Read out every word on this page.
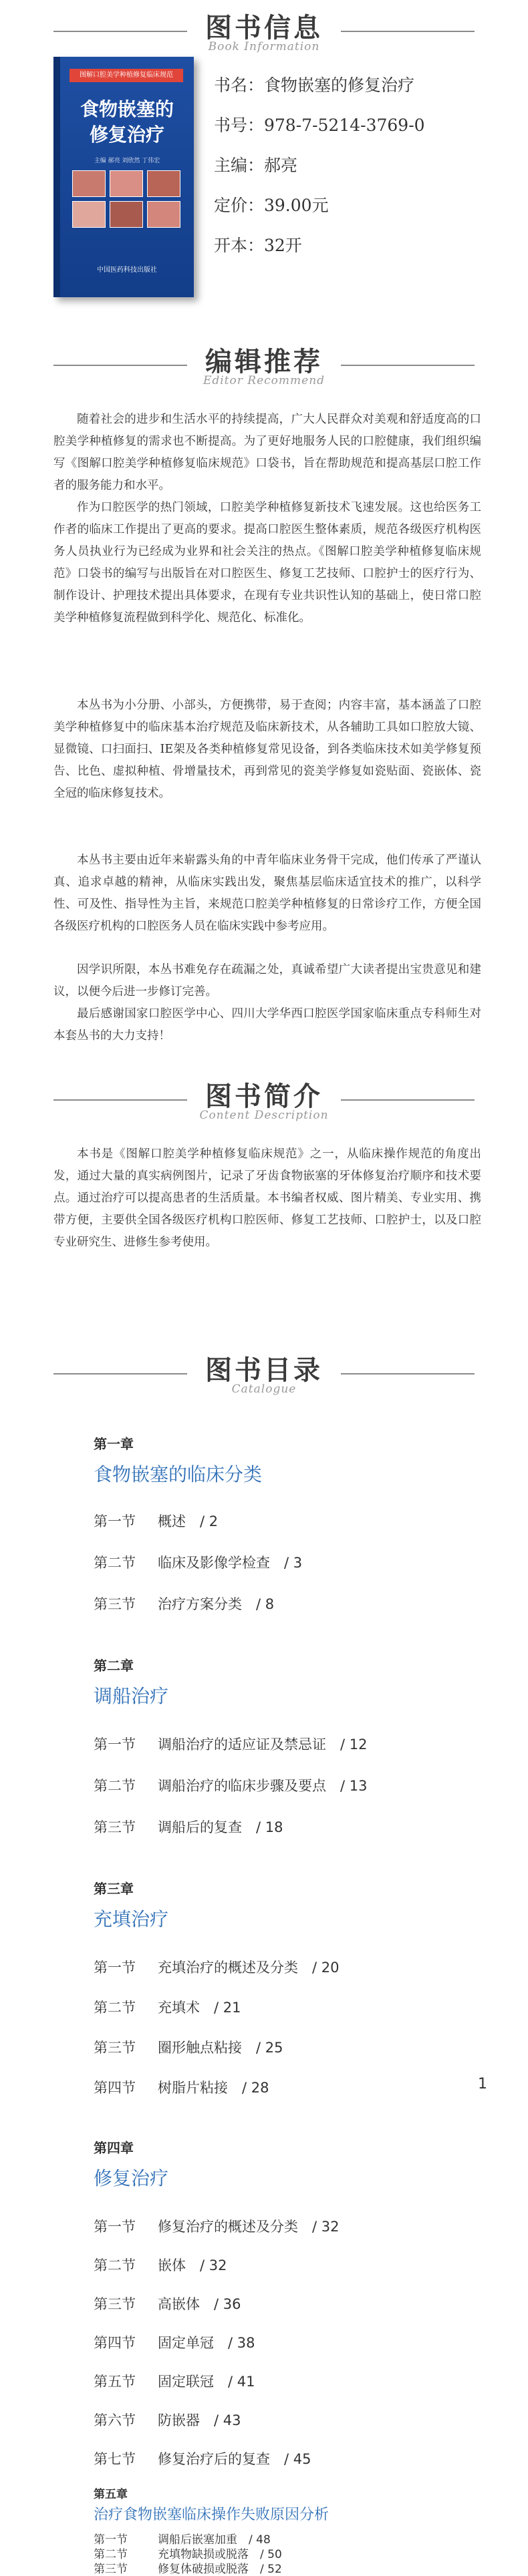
图书信息
Book Information
图解口腔美学种植修复临床规范
食物嵌塞的
修复治疗
主编 郝亮 刘欣然 丁伟宏
中国医药科技出版社
书名：食物嵌塞的修复治疗
书号：978-7-5214-3769-0
主编：郝亮
定价：39.00元
开本：32开
编辑推荐
Editor Recommend
随着社会的进步和生活水平的持续提高，广大人民群众对美观和舒适度高的口腔美学种植修复的需求也不断提高。为了更好地服务人民的口腔健康，我们组织编写《图解口腔美学种植修复临床规范》口袋书，旨在帮助规范和提高基层口腔工作者的服务能力和水平。
作为口腔医学的热门领域，口腔美学种植修复新技术飞速发展。这也给医务工作者的临床工作提出了更高的要求。提高口腔医生整体素质，规范各级医疗机构医务人员执业行为已经成为业界和社会关注的热点。《图解口腔美学种植修复临床规范》口袋书的编写与出版旨在对口腔医生、修复工艺技师、口腔护士的医疗行为、制作设计、护理技术提出具体要求，在现有专业共识性认知的基础上，使日常口腔美学种植修复流程做到科学化、规范化、标准化。
本丛书为小分册、小部头，方便携带，易于查阅；内容丰富，基本涵盖了口腔美学种植修复中的临床基本治疗规范及临床新技术，从各辅助工具如口腔放大镜、显微镜、口扫面扫、IE架及各类种植修复常见设备，到各类临床技术如美学修复预告、比色、虚拟种植、骨增量技术，再到常见的瓷美学修复如瓷贴面、瓷嵌体、瓷全冠的临床修复技术。
本丛书主要由近年来崭露头角的中青年临床业务骨干完成，他们传承了严谨认真、追求卓越的精神，从临床实践出发，聚焦基层临床适宜技术的推广，以科学性、可及性、指导性为主旨，来规范口腔美学种植修复的日常诊疗工作，方便全国各级医疗机构的口腔医务人员在临床实践中参考应用。
因学识所限，本丛书难免存在疏漏之处，真诚希望广大读者提出宝贵意见和建议，以便今后进一步修订完善。
最后感谢国家口腔医学中心、四川大学华西口腔医学国家临床重点专科师生对本套丛书的大力支持！
图书简介
Content Description
本书是《图解口腔美学种植修复临床规范》之一，从临床操作规范的角度出发，通过大量的真实病例图片，记录了牙齿食物嵌塞的牙体修复治疗顺序和技术要点。通过治疗可以提高患者的生活质量。本书编者权威、图片精美、专业实用、携带方便，主要供全国各级医疗机构口腔医师、修复工艺技师、口腔护士，以及口腔专业研究生、进修生参考使用。
图书目录
Catalogue
第一章
食物嵌塞的临床分类
第一节 概述　/ 2
第二节 临床及影像学检查　/ 3
第三节 治疗方案分类　/ 8
第二章
调船治疗
第一节 调船治疗的适应证及禁忌证　/ 12
第二节 调船治疗的临床步骤及要点　/ 13
第三节 调船后的复查　/ 18
第三章
充填治疗
第一节 充填治疗的概述及分类　/ 20
第二节 充填术　/ 21
第三节 圈形触点粘接　/ 25
第四节 树脂片粘接　/ 28	1
第四章
修复治疗
第一节 修复治疗的概述及分类　/ 32
第二节 嵌体　/ 32
第三节 高嵌体　/ 36
第四节 固定单冠　/ 38
第五节 固定联冠　/ 41
第六节 防嵌器　/ 43
第七节 修复治疗后的复查　/ 45
第五章
治疗食物嵌塞临床操作失败原因分析
第一节	调船后嵌塞加重　/ 48
第二节	充填物缺损或脱落　/ 50
第三节	修复体破损或脱落　/ 52
